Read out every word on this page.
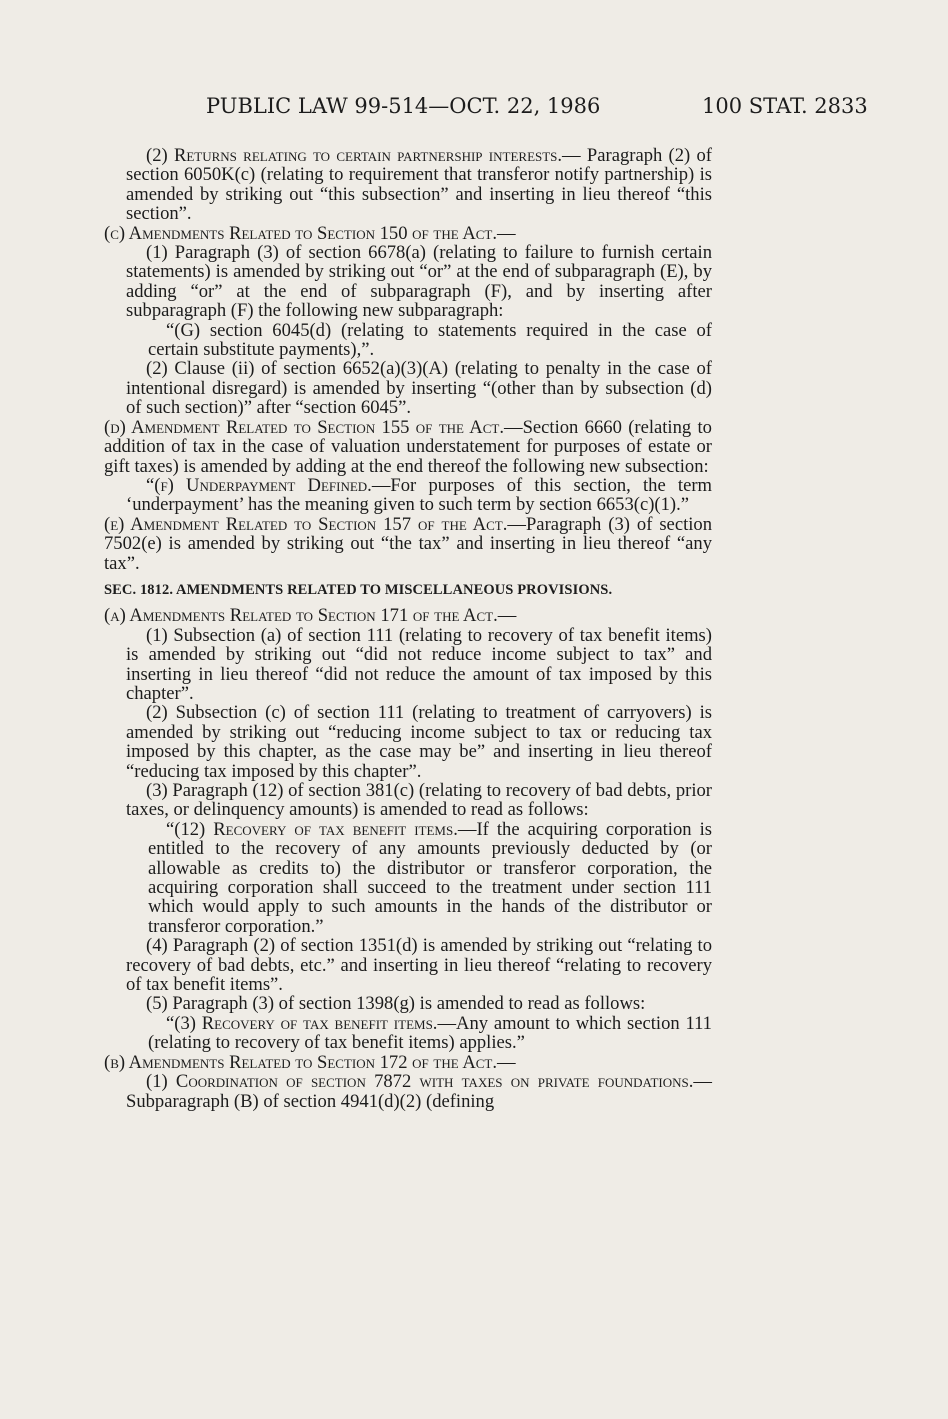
PUBLIC LAW 99-514—OCT. 22, 1986	100 STAT. 2833

(2) Returns relating to certain partnership interests.— Paragraph (2) of section 6050K(c) (relating to requirement that transferor notify partnership) is amended by striking out “this subsection” and inserting in lieu thereof “this section”.

(c) Amendments Related to Section 150 of the Act.—

(1) Paragraph (3) of section 6678(a) (relating to failure to furnish certain statements) is amended by striking out “or” at the end of subparagraph (E), by adding “or” at the end of subparagraph (F), and by inserting after subparagraph (F) the following new subparagraph:

“(G) section 6045(d) (relating to statements required in the case of certain substitute payments),”.

(2) Clause (ii) of section 6652(a)(3)(A) (relating to penalty in the case of intentional disregard) is amended by inserting “(other than by subsection (d) of such section)” after “section 6045”.

(d) Amendment Related to Section 155 of the Act.—Section 6660 (relating to addition of tax in the case of valuation understatement for purposes of estate or gift taxes) is amended by adding at the end thereof the following new subsection:

“(f) Underpayment Defined.—For purposes of this section, the term ‘underpayment’ has the meaning given to such term by section 6653(c)(1).”

(e) Amendment Related to Section 157 of the Act.—Paragraph (3) of section 7502(e) is amended by striking out “the tax” and inserting in lieu thereof “any tax”.

SEC. 1812. AMENDMENTS RELATED TO MISCELLANEOUS PROVISIONS.

(a) Amendments Related to Section 171 of the Act.—

(1) Subsection (a) of section 111 (relating to recovery of tax benefit items) is amended by striking out “did not reduce income subject to tax” and inserting in lieu thereof “did not reduce the amount of tax imposed by this chapter”.

(2) Subsection (c) of section 111 (relating to treatment of carryovers) is amended by striking out “reducing income subject to tax or reducing tax imposed by this chapter, as the case may be” and inserting in lieu thereof “reducing tax imposed by this chapter”.

(3) Paragraph (12) of section 381(c) (relating to recovery of bad debts, prior taxes, or delinquency amounts) is amended to read as follows:

“(12) Recovery of tax benefit items.—If the acquiring corporation is entitled to the recovery of any amounts previously deducted by (or allowable as credits to) the distributor or transferor corporation, the acquiring corporation shall succeed to the treatment under section 111 which would apply to such amounts in the hands of the distributor or transferor corporation.”

(4) Paragraph (2) of section 1351(d) is amended by striking out “relating to recovery of bad debts, etc.” and inserting in lieu thereof “relating to recovery of tax benefit items”.

(5) Paragraph (3) of section 1398(g) is amended to read as follows:

“(3) Recovery of tax benefit items.—Any amount to which section 111 (relating to recovery of tax benefit items) applies.”

(b) Amendments Related to Section 172 of the Act.—

(1) Coordination of section 7872 with taxes on private foundations.—Subparagraph (B) of section 4941(d)(2) (defining
